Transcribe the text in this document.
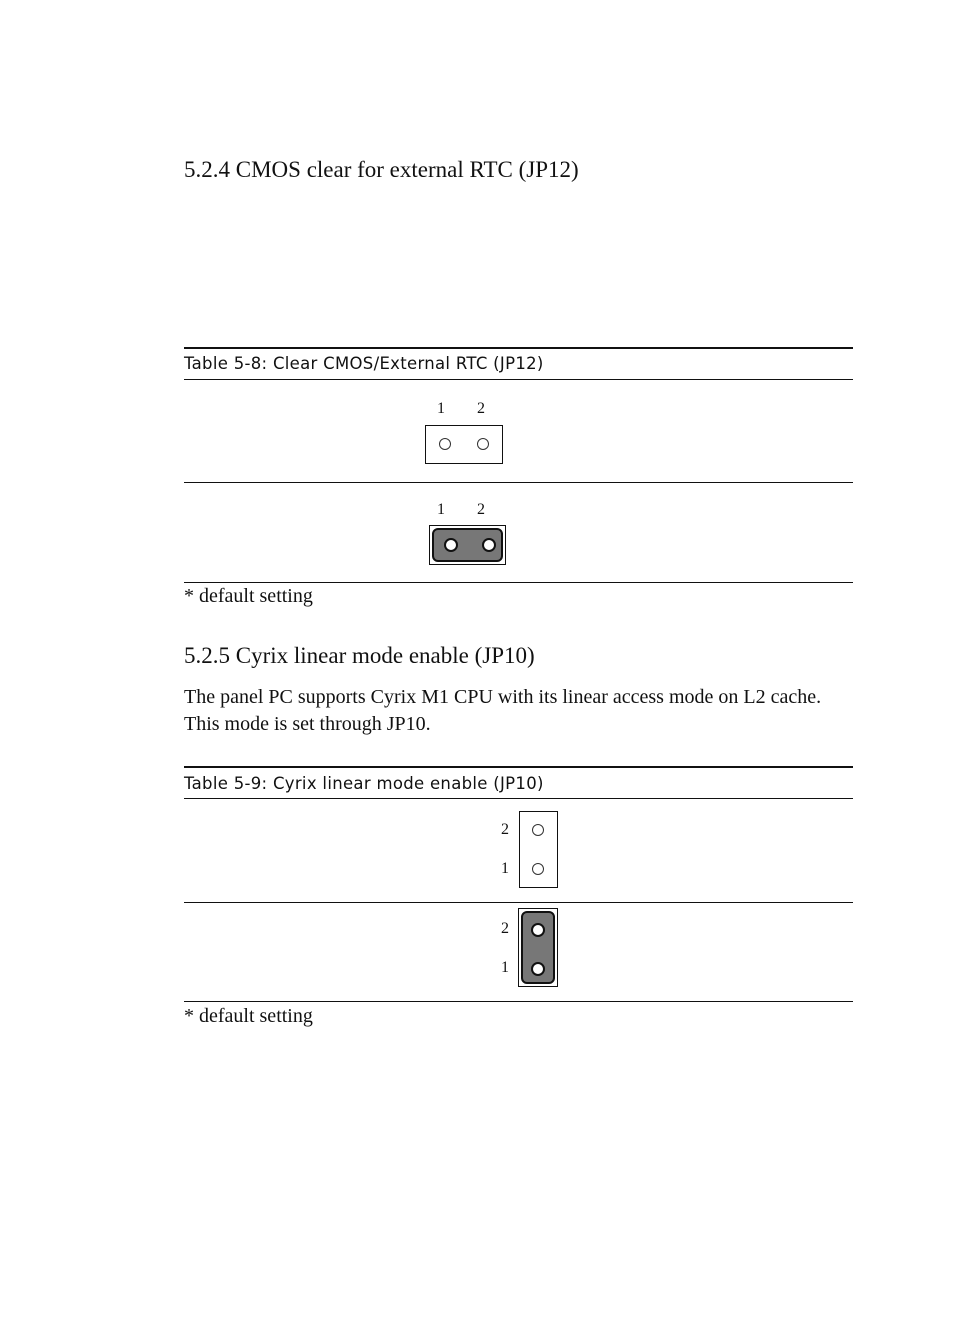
5.2.4 CMOS clear for external RTC (JP12)
Table 5-8: Clear CMOS/External RTC (JP12)
1 2
1 2
* default setting
5.2.5 Cyrix linear mode enable (JP10)

The panel PC supports Cyrix M1 CPU with its linear access mode on L2 cache. This mode is set through JP10.

Table 5-9: Cyrix linear mode enable (JP10)
2
1
2
1
* default setting
